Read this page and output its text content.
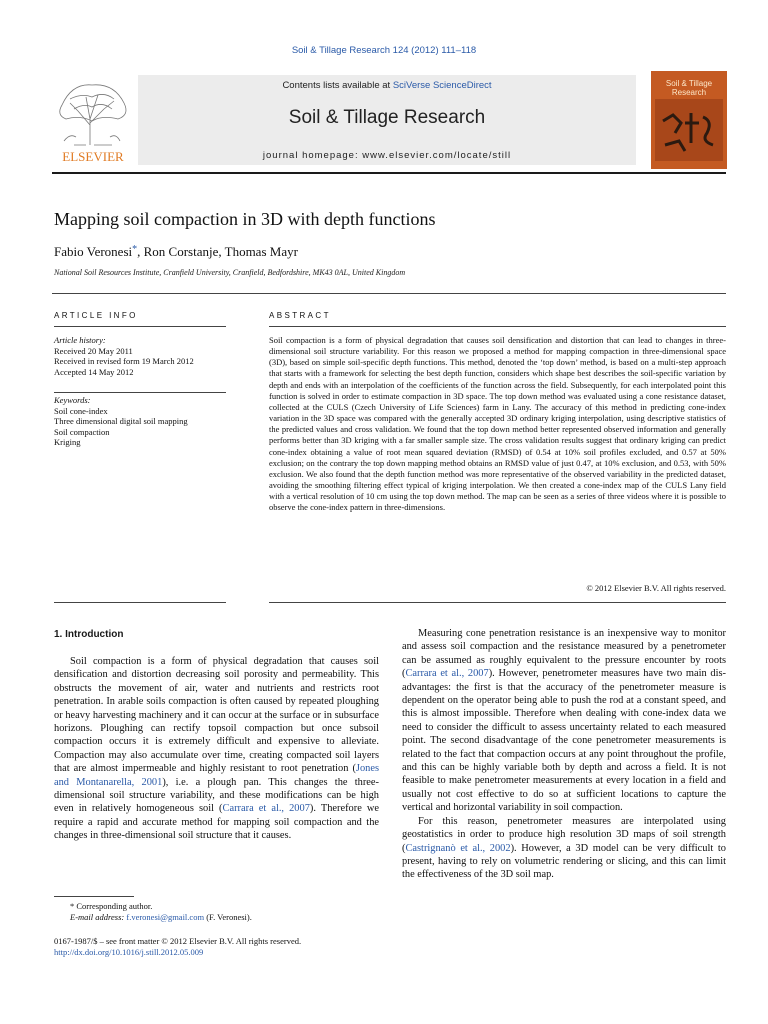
Soil & Tillage Research 124 (2012) 111–118
ELSEVIER
Contents lists available at SciVerse ScienceDirect
Soil & Tillage Research
journal homepage: www.elsevier.com/locate/still
Soil & Tillage Research
Mapping soil compaction in 3D with depth functions
Fabio Veronesi*, Ron Corstanje, Thomas Mayr
National Soil Resources Institute, Cranfield University, Cranfield, Bedfordshire, MK43 0AL, United Kingdom
ARTICLE INFO	ABSTRACT
Article history:
Received 20 May 2011
Received in revised form 19 March 2012
Accepted 14 May 2012
Keywords:
Soil cone-index
Three dimensional digital soil mapping
Soil compaction
Kriging
Soil compaction is a form of physical degradation that causes soil densification and distortion that can lead to changes in three-dimensional soil structure variability. For this reason we proposed a method for mapping compaction in three-dimensional space (3D), based on simple soil-specific depth functions. This method, denoted the ‘top down’ method, is based on a multi-step approach that starts with a framework for selecting the best depth function, considers which shape best describes the soil-specific variation by depth and ends with an interpolation of the coefficients of the function across the field. Subsequently, for each interpolated point this function is solved in order to estimate compaction in 3D space. The top down method was evaluated using a cone resistance dataset, collected at the CULS (Czech University of Life Sciences) farm in Lany. The accuracy of this method in predicting cone-index variation in the 3D space was compared with the generally accepted 3D ordinary kriging interpolation, using descriptive statistics of the predicted values and cross validation. We found that the top down method better represented observed information and generally performs better than 3D kriging with a far smaller sample size. The cross validation results suggest that ordinary kriging can predict cone-index obtaining a value of root mean squared deviation (RMSD) of 0.54 at 10% soil profiles excluded, and 0.57 at 50% exclusion; on the contrary the top down mapping method obtains an RMSD value of just 0.47, at 10% exclusion, and 0.53, with 50% exclusion. We also found that the depth function method was more representative of the observed variability in the predicted dataset, avoiding the smoothing filtering effect typical of kriging interpolation. We then created a cone-index map of the CULS Lany field with a vertical resolution of 10 cm using the top down method. The map can be seen as a series of three videos where it is possible to observe the cone-index pattern in three-dimensions.
© 2012 Elsevier B.V. All rights reserved.
1. Introduction
Soil compaction is a form of physical degradation that causes soil densification and distortion decreasing soil porosity and permeability. This obstructs the movement of air, water and nutrients and restricts root penetration. In arable soils compaction is often caused by repeated ploughing or heavy harvesting machinery and it can occur at the surface or in subsurface horizons. Ploughing can rectify topsoil compaction but once subsoil compaction occurs it is extremely difficult and expensive to alleviate. Compaction may also accumulate over time, creating compacted soil layers that are almost impermeable and highly resistant to root penetration (Jones and Montanarella, 2001), i.e. a plough pan. This changes the three-dimensional soil structure variability, and these modifications can be high even in relatively homogeneous soil (Carrara et al., 2007). Therefore we require a rapid and accurate method for mapping soil compaction and the changes in three-dimensional soil structure that it causes.

Measuring cone penetration resistance is an inexpensive way to monitor and assess soil compaction and the resistance measured by a penetrometer can be assumed as roughly equivalent to the pressure encounter by roots (Carrara et al., 2007). However, penetrometer measures have two main dis-advantages: the first is that the accuracy of the penetrometer measure is dependent on the operator being able to push the rod at a constant speed, and this is almost impossible. Therefore when dealing with cone-index data we need to consider the difficult to assess uncertainty related to each measured point. The second disadvantage of the cone penetrometer measurements is related to the fact that compaction occurs at any point throughout the profile, and this can be highly variable both by depth and across a field. It is not feasible to make penetrometer measurements at every location in a field and usually not cost effective to do so at sufficient locations to capture the vertical and horizontal variability in soil compaction.

For this reason, penetrometer measures are interpolated using geostatistics in order to produce high resolution 3D maps of soil strength (Castrignanò et al., 2002). However, a 3D model can be very difficult to present, having to rely on volumetric rendering or slicing, and this can limit the effectiveness of the 3D soil map.

* Corresponding author.
E-mail address: f.veronesi@gmail.com (F. Veronesi).
0167-1987/$ – see front matter © 2012 Elsevier B.V. All rights reserved.
http://dx.doi.org/10.1016/j.still.2012.05.009
